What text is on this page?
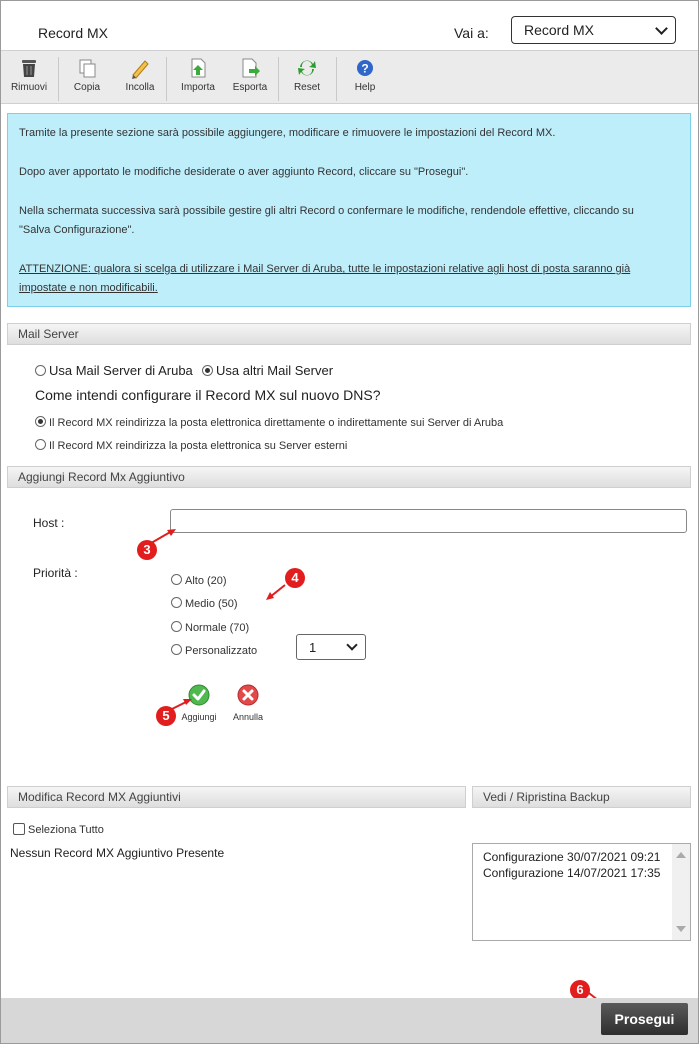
Record MX	Vai a:	Record MX
Rimuovi	Copia	Incolla	Importa	Esporta	Reset
?
Help

Tramite la presente sezione sarà possibile aggiungere, modificare e rimuovere le impostazioni del Record MX.

Dopo aver apportato le modifiche desiderate o aver aggiunto Record, cliccare su "Prosegui".

Nella schermata successiva sarà possibile gestire gli altri Record o confermare le modifiche, rendendole effettive, cliccando su
"Salva Configurazione".

ATTENZIONE: qualora si scelga di utilizzare i Mail Server di Aruba, tutte le impostazioni relative agli host di posta saranno già
impostate e non modificabili.

Mail Server
Usa Mail Server di Aruba	Usa altri Mail Server
Come intendi configurare il Record MX sul nuovo DNS?
Il Record MX reindirizza la posta elettronica direttamente o indirettamente sui Server di Aruba
Il Record MX reindirizza la posta elettronica su Server esterni
Aggiungi Record Mx Aggiuntivo
Host :
Priorità :
Alto (20)
Medio (50)
Normale (70)
Personalizzato	1
Aggiungi	Annulla
3
4
5
6
Modifica Record MX Aggiuntivi	Vedi / Ripristina Backup
Seleziona Tutto
Nessun Record MX Aggiuntivo Presente	Configurazione 30/07/2021 09:21
Configurazione 14/07/2021 17:35
Prosegui
